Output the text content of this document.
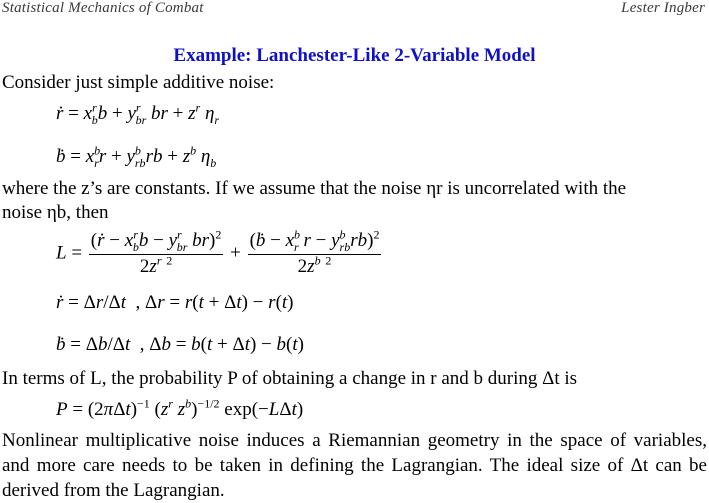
Statistical Mechanics of Combat	Lester Ingber
Example: Lanchester-Like 2-Variable Model
Consider just simple additive noise:
ṙ = $x^r_bb + y^r_{br}$ br + $z^r$ $\eta_r$
ḃ = $x^b_rr + y^b_{rb}rb + z^b$ $\eta_b$
where the z’s are constants. If we assume that the noise ηr is uncorrelated with the
noise ηb, then
$L = \frac{(ṙ - x^r_bb - y^r_{br} br)^2}{2z^r ^2} + \frac{(ḃ - x^b_r r - y^b_{rb}rb)^2}{2z^b ^2}$
ṙ = Δr/Δt  , Δr = r(t + Δt) − r(t)
ḃ = Δb/Δt  , Δb = b(t + Δt) − b(t)
In terms of L, the probability P of obtaining a change in r and b during Δt is
$P = (2\pi\Delta t)^{-1}$ ($z^r$ $z^b)^{-1/2}$ exp(−LΔt)
Nonlinear multiplicative noise induces a Riemannian geometry in the space of variables, and more care needs to be taken in defining the Lagrangian. The ideal size of Δt can be derived from the Lagrangian.
